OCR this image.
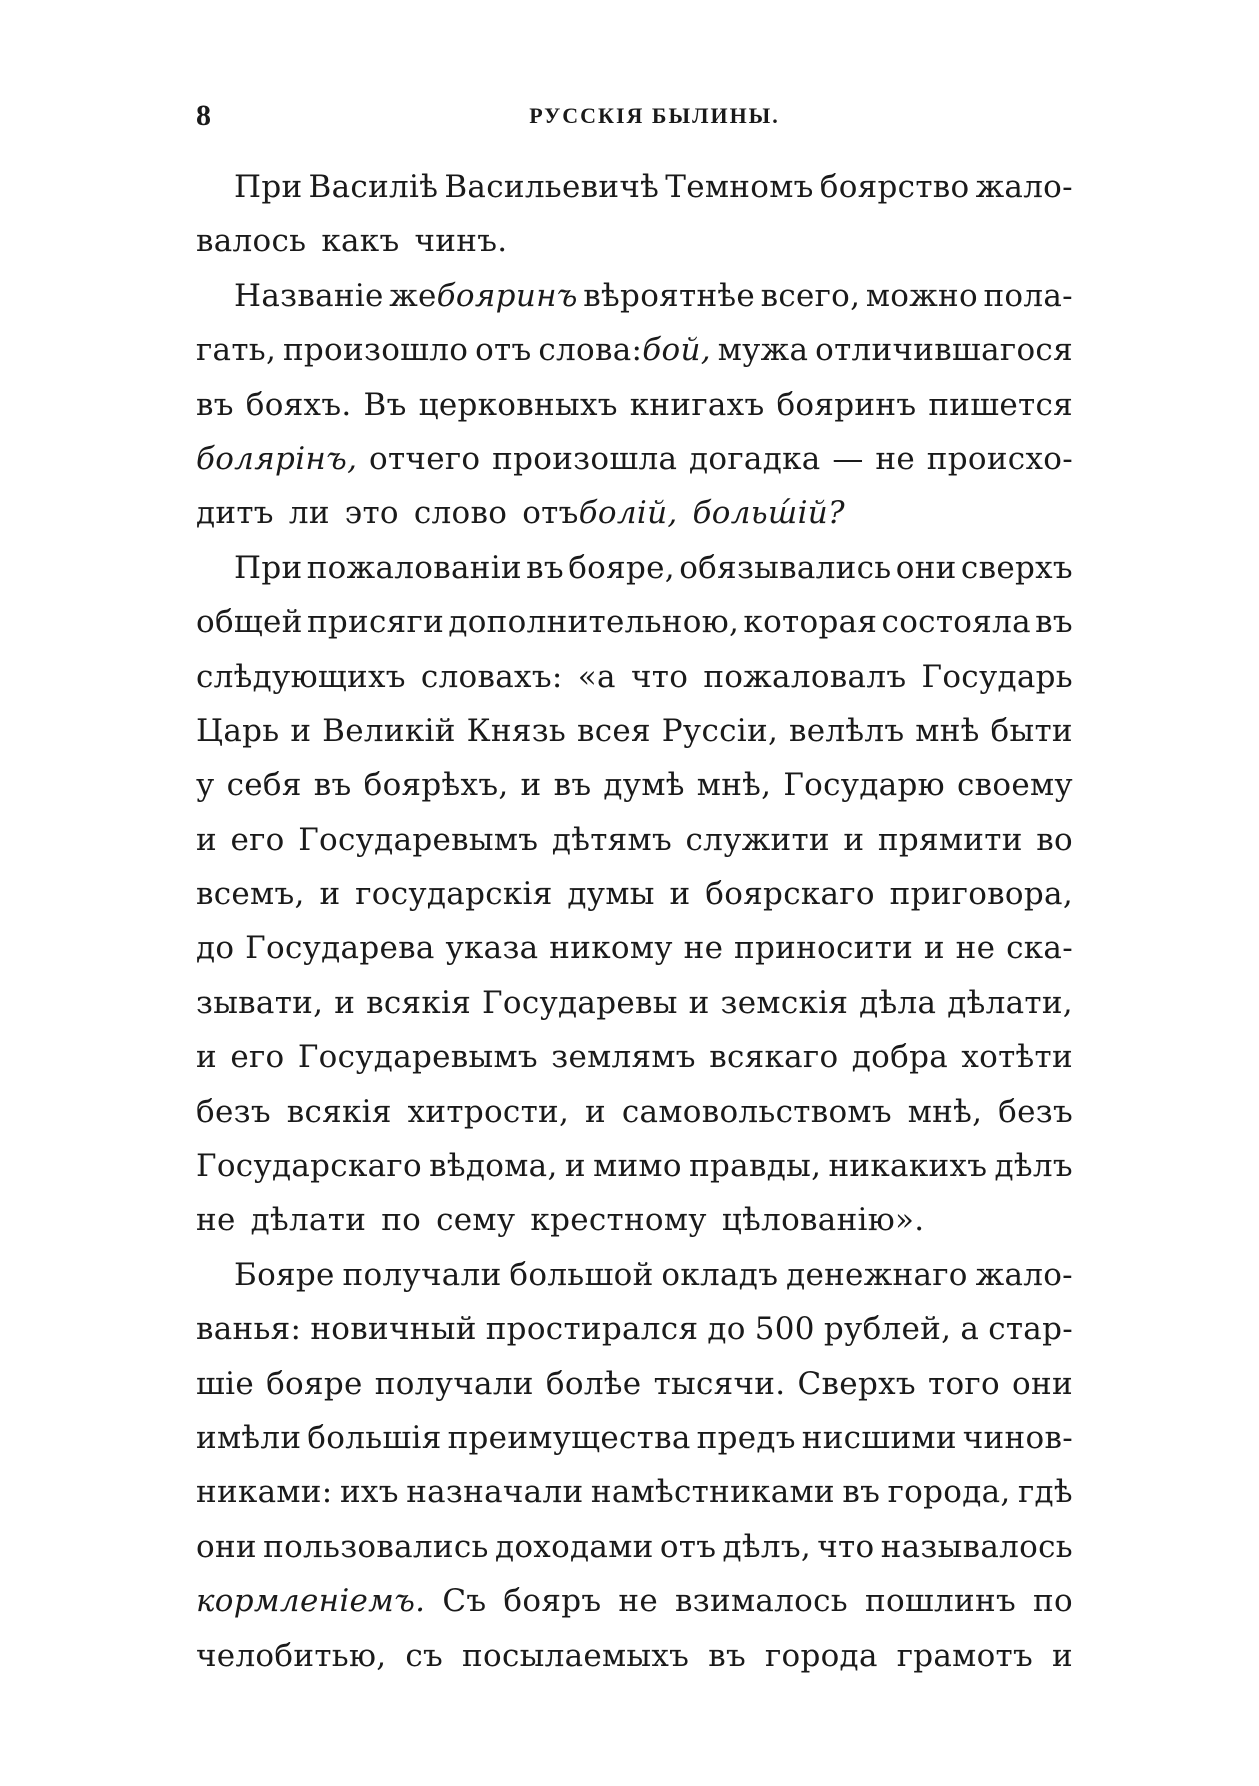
8	РУССКІЯ БЫЛИНЫ.
При Василіѣ Васильевичѣ Темномъ боярство жало-
валось какъ чинъ.
Названіе жебояринъ вѣроятнѣе всего, можно пола-
гать, произошло отъ слова:бой, мужа отличившагося
въ бояхъ. Въ церковныхъ книгахъ бояринъ пишется
болярінъ, отчего произошла догадка — не происхо-
дитъ ли это слово отъболій, больш́ій?
При пожалованіи въ бояре, обязывались они сверхъ
общей присяги дополнительною, которая состояла въ
слѣдующихъ словахъ: «а что пожаловалъ Государь
Царь и Великій Князь всея Руссіи, велѣлъ мнѣ быти
у себя въ боярѣхъ, и въ думѣ мнѣ, Государю своему
и его Государевымъ дѣтямъ служити и прямити во
всемъ, и государскія думы и боярскаго приговора,
до Государева указа никому не приносити и не ска-
зывати, и всякія Государевы и земскія дѣла дѣлати,
и его Государевымъ землямъ всякаго добра хотѣти
безъ всякія хитрости, и самовольствомъ мнѣ, безъ
Государскаго вѣдома, и мимо правды, никакихъ дѣлъ
не дѣлати по сему крестному цѣлованію».
Бояре получали большой окладъ денежнаго жало-
ванья: новичный простирался до 500 рублей, а стар-
шіе бояре получали болѣе тысячи. Сверхъ того они
имѣли большія преимущества предъ нисшими чинов-
никами: ихъ назначали намѣстниками въ города, гдѣ
они пользовались доходами отъ дѣлъ, что называлось
кормленіемъ. Съ бояръ не взималось пошлинъ по
челобитью, съ посылаемыхъ въ города грамотъ и
